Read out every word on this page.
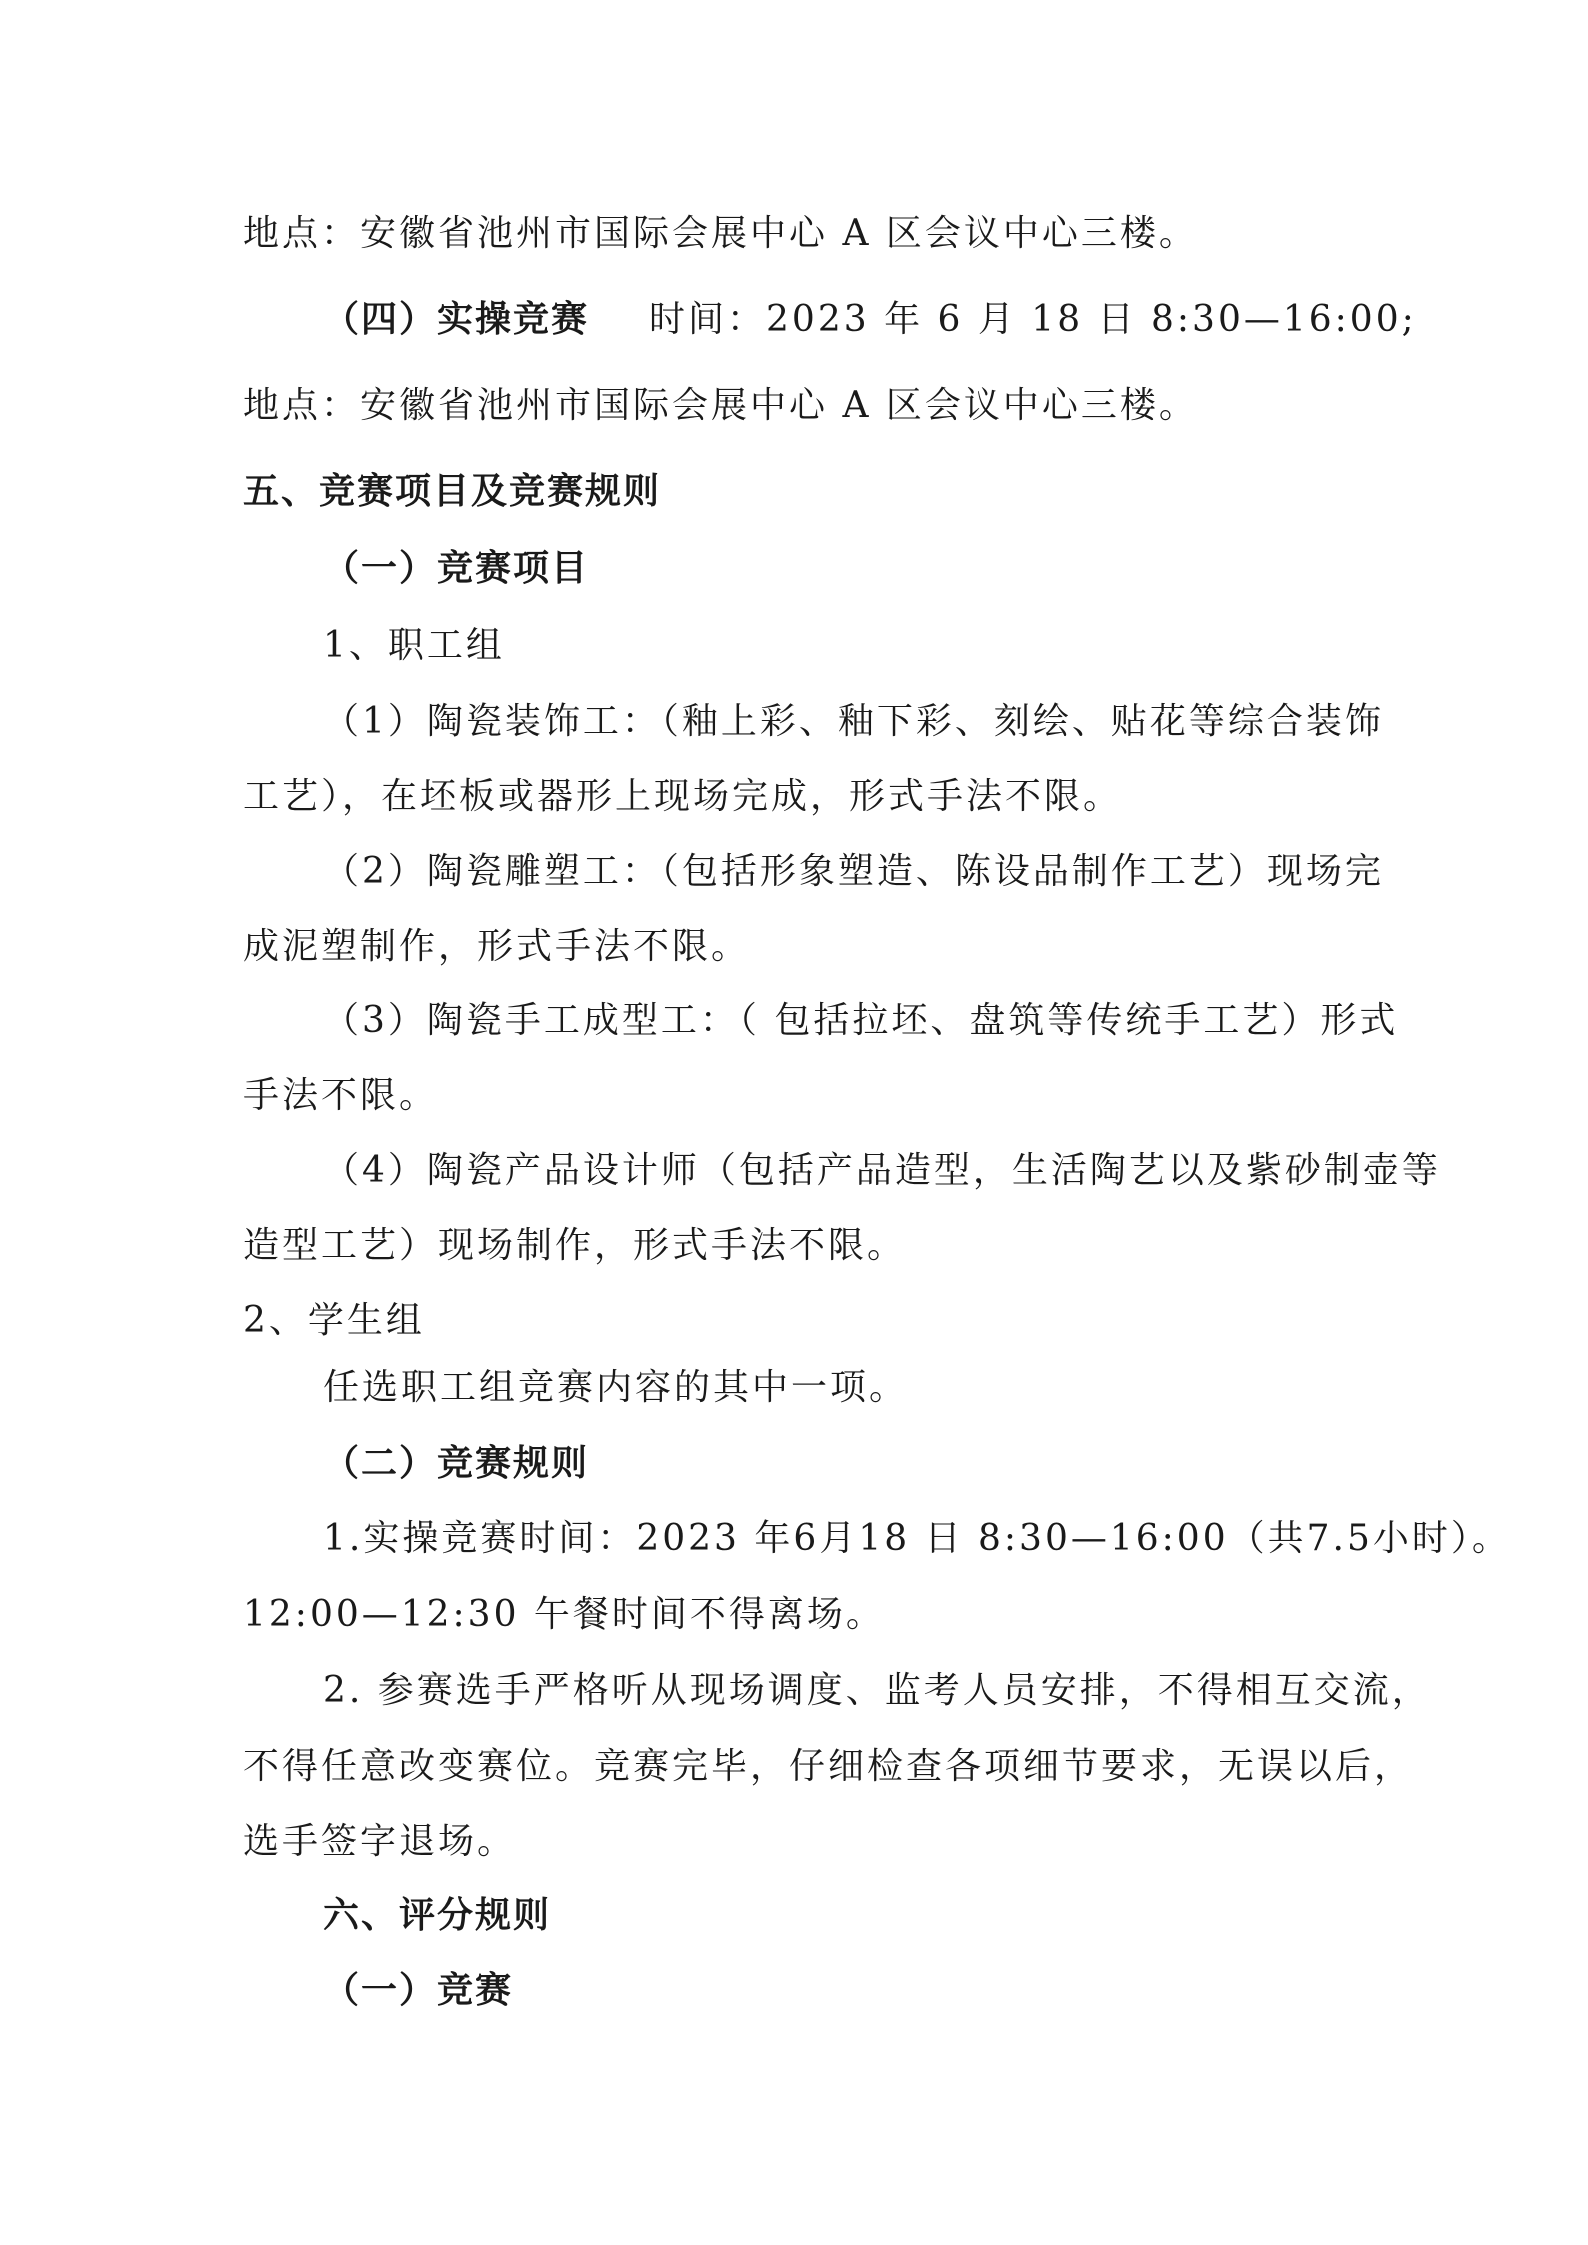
地点：安徽省池州市国际会展中心 A 区会议中心三楼。
（四）实操竞赛 时间：2023 年 6 月 18 日 8:30—16:00;
地点：安徽省池州市国际会展中心 A 区会议中心三楼。
五、竞赛项目及竞赛规则
（一）竞赛项目
1、职工组
（1）陶瓷装饰工：（釉上彩、釉下彩、刻绘、贴花等综合装饰
工艺），在坯板或器形上现场完成，形式手法不限。
（2）陶瓷雕塑工：（包括形象塑造、陈设品制作工艺）现场完
成泥塑制作，形式手法不限。
（3）陶瓷手工成型工：（ 包括拉坯、盘筑等传统手工艺）形式
手法不限。
（4）陶瓷产品设计师（包括产品造型，生活陶艺以及紫砂制壶等
造型工艺）现场制作，形式手法不限。
2、学生组
任选职工组竞赛内容的其中一项。
（二）竞赛规则
1.实操竞赛时间：2023 年6月18 日 8:30—16:00（共7.5小时）。
12:00—12:30 午餐时间不得离场。
2. 参赛选手严格听从现场调度、监考人员安排，不得相互交流，
不得任意改变赛位。竞赛完毕，仔细检查各项细节要求，无误以后，
选手签字退场。
六、评分规则
（一）竞赛
